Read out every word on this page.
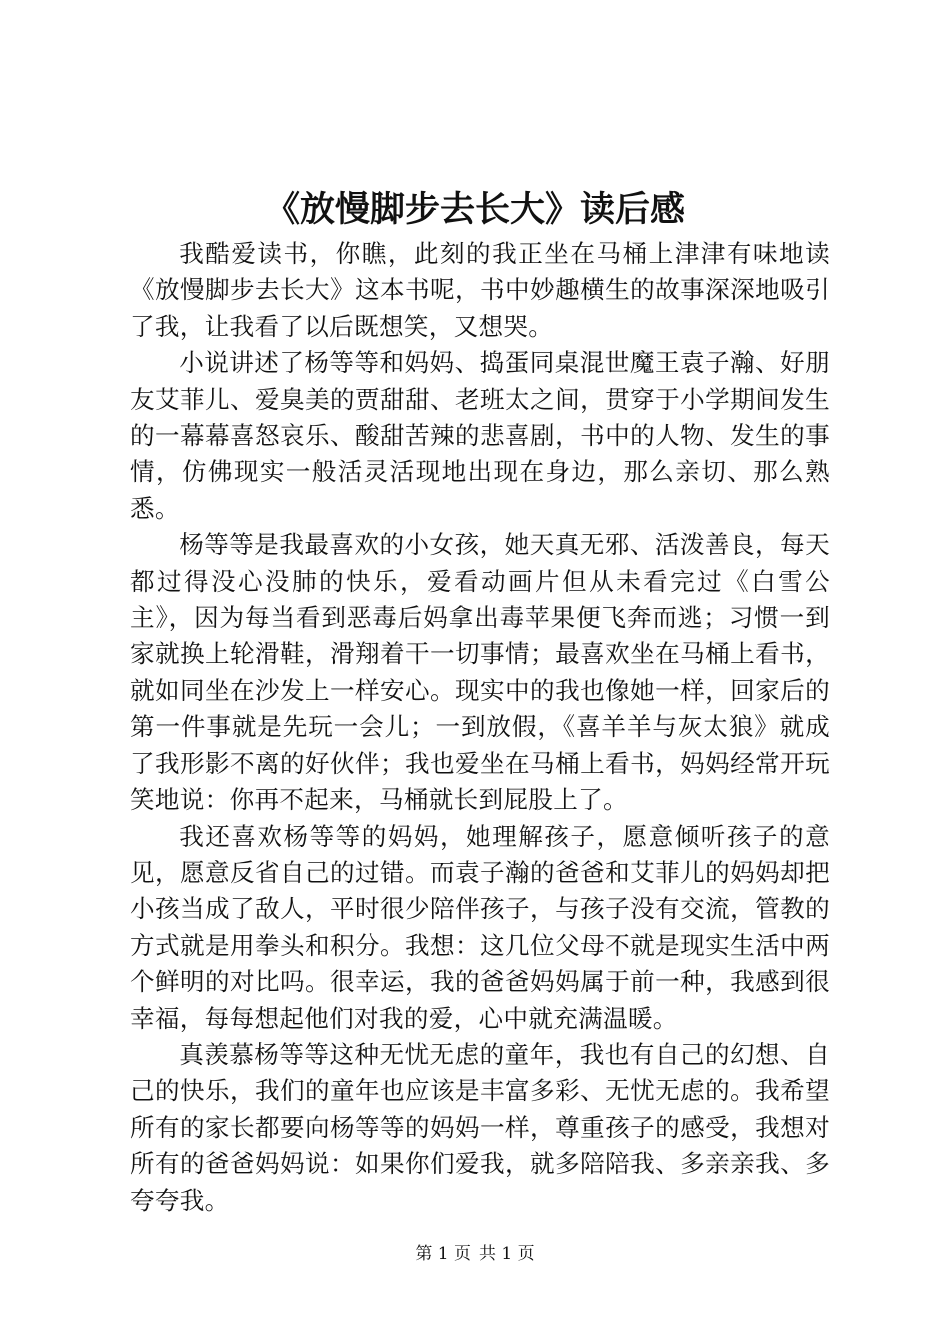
《放慢脚步去长大》读后感

我酷爱读书，你瞧，此刻的我正坐在马桶上津津有味地读《放慢脚步去长大》这本书呢，书中妙趣横生的故事深深地吸引了我，让我看了以后既想笑，又想哭。

小说讲述了杨等等和妈妈、捣蛋同桌混世魔王袁子瀚、好朋友艾菲儿、爱臭美的贾甜甜、老班太之间，贯穿于小学期间发生的一幕幕喜怒哀乐、酸甜苦辣的悲喜剧，书中的人物、发生的事情，仿佛现实一般活灵活现地出现在身边，那么亲切、那么熟悉。

杨等等是我最喜欢的小女孩，她天真无邪、活泼善良，每天都过得没心没肺的快乐，爱看动画片但从未看完过《白雪公主》，因为每当看到恶毒后妈拿出毒苹果便飞奔而逃；习惯一到家就换上轮滑鞋，滑翔着干一切事情；最喜欢坐在马桶上看书，就如同坐在沙发上一样安心。现实中的我也像她一样，回家后的第一件事就是先玩一会儿；一到放假，《喜羊羊与灰太狼》就成了我形影不离的好伙伴；我也爱坐在马桶上看书，妈妈经常开玩笑地说：你再不起来，马桶就长到屁股上了。

我还喜欢杨等等的妈妈，她理解孩子，愿意倾听孩子的意见，愿意反省自己的过错。而袁子瀚的爸爸和艾菲儿的妈妈却把小孩当成了敌人，平时很少陪伴孩子，与孩子没有交流，管教的方式就是用拳头和积分。我想：这几位父母不就是现实生活中两个鲜明的对比吗。很幸运，我的爸爸妈妈属于前一种，我感到很幸福，每每想起他们对我的爱，心中就充满温暖。

真羡慕杨等等这种无忧无虑的童年，我也有自己的幻想、自己的快乐，我们的童年也应该是丰富多彩、无忧无虑的。我希望所有的家长都要向杨等等的妈妈一样，尊重孩子的感受，我想对所有的爸爸妈妈说：如果你们爱我，就多陪陪我、多亲亲我、多夸夸我。

第 1 页 共 1 页
